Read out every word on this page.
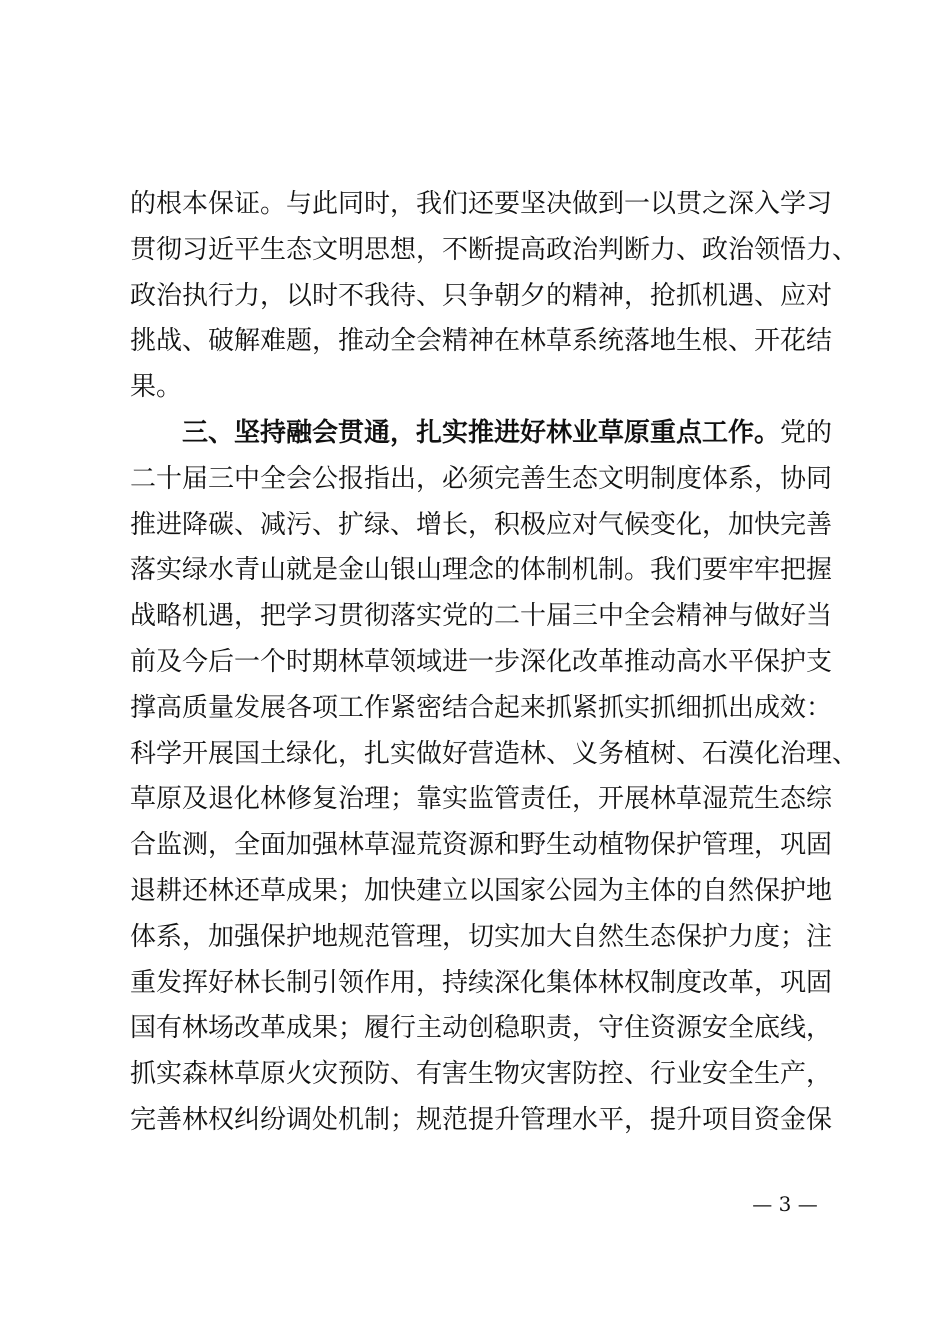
的根本保证。与此同时，我们还要坚决做到一以贯之深入学习
贯彻习近平生态文明思想，不断提高政治判断力、政治领悟力、
政治执行力，以时不我待、只争朝夕的精神，抢抓机遇、应对
挑战、破解难题，推动全会精神在林草系统落地生根、开花结
果。
三、坚持融会贯通，扎实推进好林业草原重点工作。党的
二十届三中全会公报指出，必须完善生态文明制度体系，协同
推进降碳、减污、扩绿、增长，积极应对气候变化，加快完善
落实绿水青山就是金山银山理念的体制机制。我们要牢牢把握
战略机遇，把学习贯彻落实党的二十届三中全会精神与做好当
前及今后一个时期林草领域进一步深化改革推动高水平保护支
撑高质量发展各项工作紧密结合起来抓紧抓实抓细抓出成效：
科学开展国土绿化，扎实做好营造林、义务植树、石漠化治理、
草原及退化林修复治理；靠实监管责任，开展林草湿荒生态综
合监测，全面加强林草湿荒资源和野生动植物保护管理，巩固
退耕还林还草成果；加快建立以国家公园为主体的自然保护地
体系，加强保护地规范管理，切实加大自然生态保护力度；注
重发挥好林长制引领作用，持续深化集体林权制度改革，巩固
国有林场改革成果；履行主动创稳职责，守住资源安全底线，
抓实森林草原火灾预防、有害生物灾害防控、行业安全生产，
完善林权纠纷调处机制；规范提升管理水平，提升项目资金保
— 3 —
